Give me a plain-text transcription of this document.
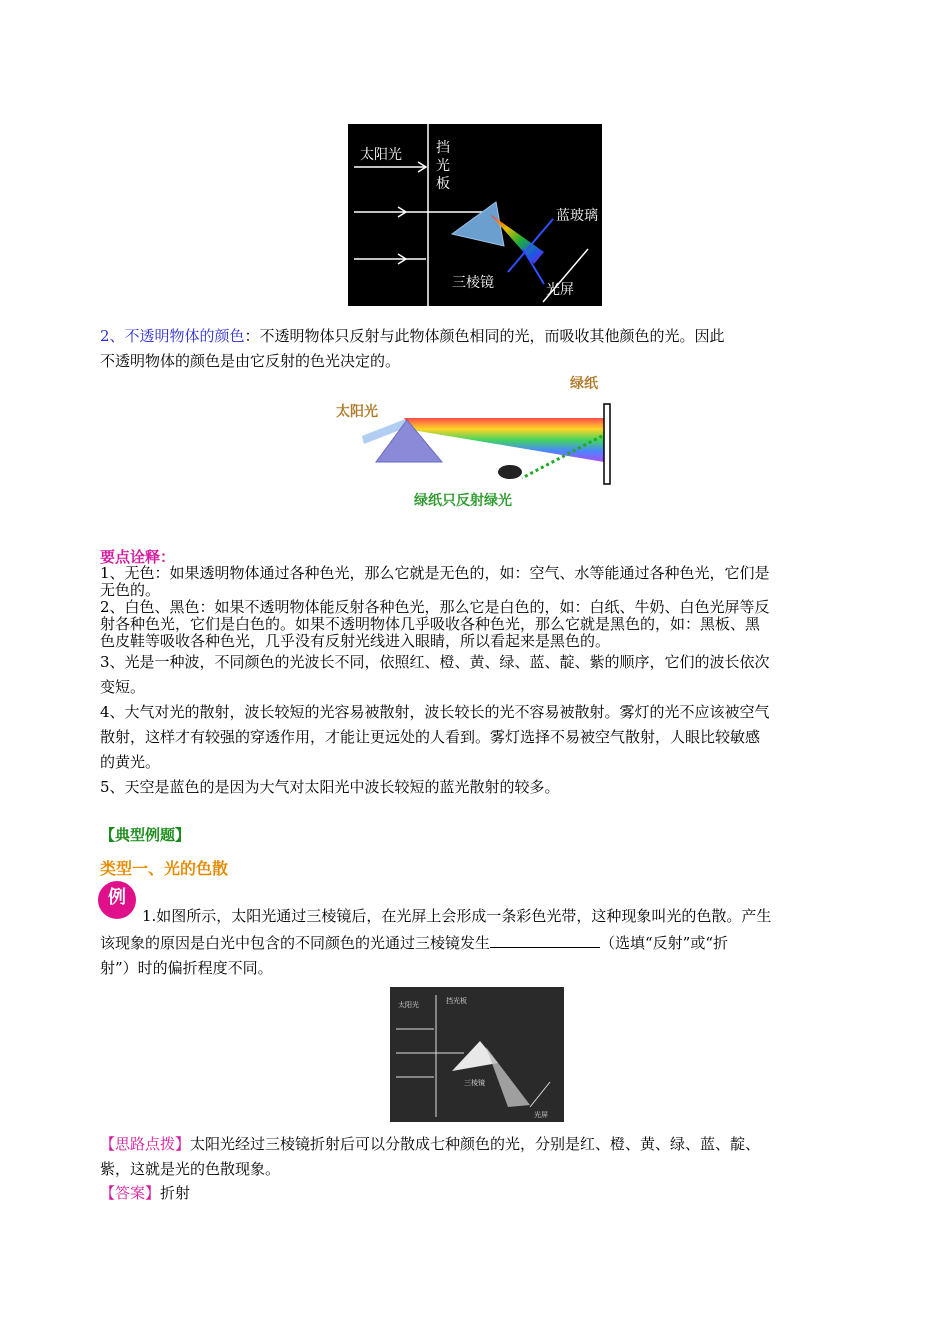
太阳光 挡
光
板
蓝玻璃
三棱镜	光屏
2、不透明物体的颜色：不透明物体只反射与此物体颜色相同的光，而吸收其他颜色的光。因此
不透明物体的颜色是由它反射的色光决定的。
绿纸
太阳光
绿纸只反射绿光
要点诠释：
1、无色：如果透明物体通过各种色光，那么它就是无色的，如：空气、水等能通过各种色光，它们是
无色的。
2、白色、黑色：如果不透明物体能反射各种色光，那么它是白色的，如：白纸、牛奶、白色光屏等反
射各种色光，它们是白色的。如果不透明物体几乎吸收各种色光，那么它就是黑色的，如：黑板、黑
色皮鞋等吸收各种色光，几乎没有反射光线进入眼睛，所以看起来是黑色的。
3、光是一种波，不同颜色的光波长不同，依照红、橙、黄、绿、蓝、靛、紫的顺序，它们的波长依次
变短。
4、大气对光的散射，波长较短的光容易被散射，波长较长的光不容易被散射。雾灯的光不应该被空气
散射，这样才有较强的穿透作用，才能让更远处的人看到。雾灯选择不易被空气散射，人眼比较敏感
的黄光。
5、天空是蓝色的是因为大气对太阳光中波长较短的蓝光散射的较多。
【典型例题】
类型一、光的色散
例
1.如图所示，太阳光通过三棱镜后，在光屏上会形成一条彩色光带，这种现象叫光的色散。产生
该现象的原因是白光中包含的不同颜色的光通过三棱镜发生	（选填“反射”或“折
射”）时的偏折程度不同。
太阳光	挡光板
三棱镜
光屏
【思路点拨】太阳光经过三棱镜折射后可以分散成七种颜色的光，分别是红、橙、黄、绿、蓝、靛、
紫，这就是光的色散现象。
【答案】折射
